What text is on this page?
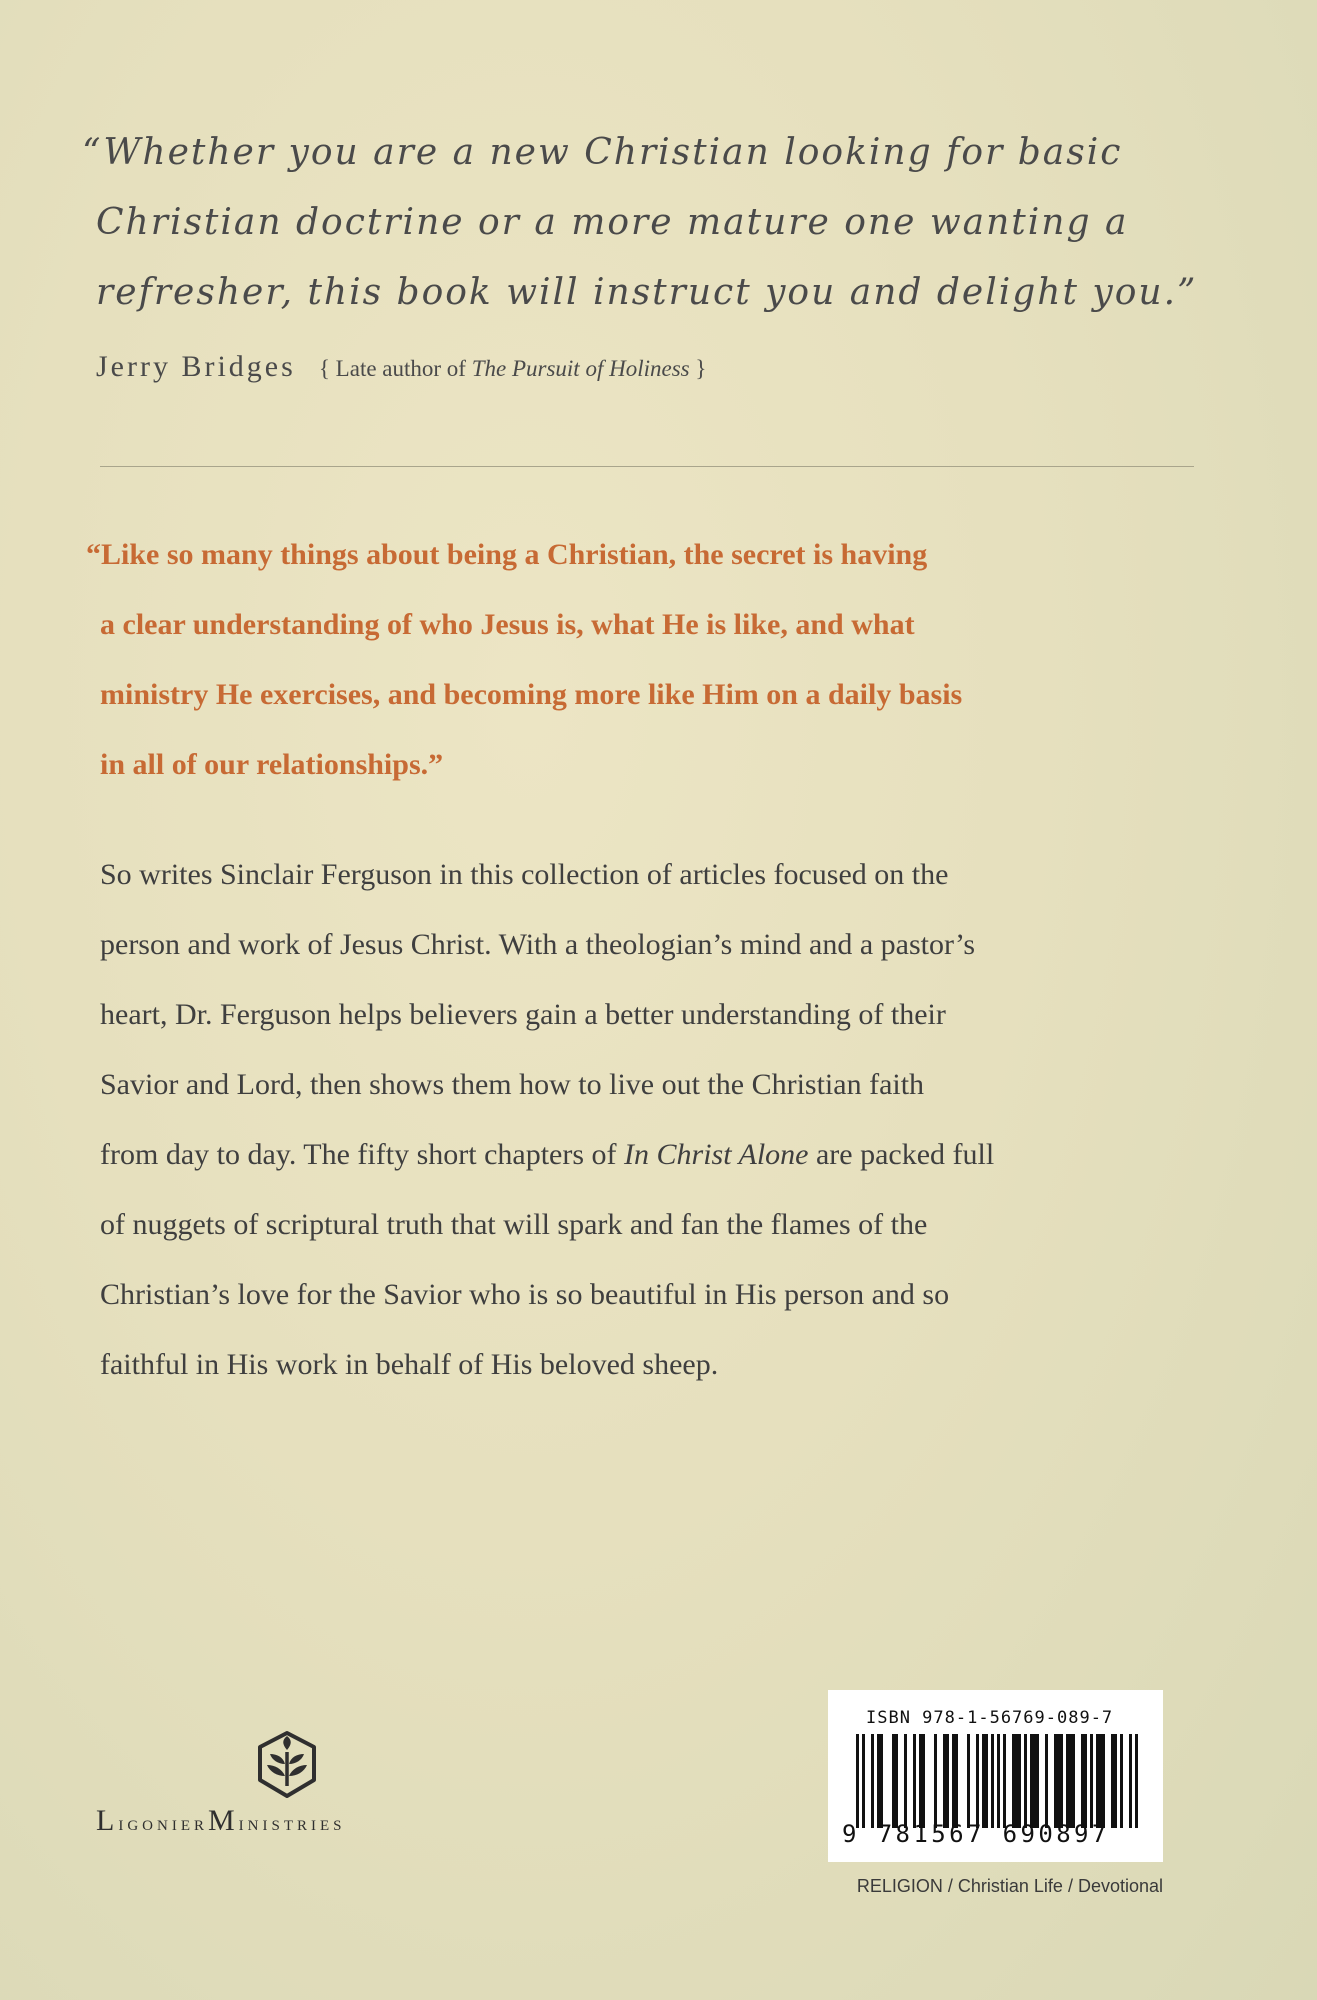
“Whether you are a new Christian looking for basic
Christian doctrine or a more mature one wanting a
refresher, this book will instruct you and delight you.”

Jerry Bridges { Late author of The Pursuit of Holiness }

“Like so many things about being a Christian, the secret is having
a clear understanding of who Jesus is, what He is like, and what
ministry He exercises, and becoming more like Him on a daily basis
in all of our relationships.”

So writes Sinclair Ferguson in this collection of articles focused on the
person and work of Jesus Christ. With a theologian’s mind and a pastor’s
heart, Dr. Ferguson helps believers gain a better understanding of their
Savior and Lord, then shows them how to live out the Christian faith
from day to day. The fifty short chapters of In Christ Alone are packed full
of nuggets of scriptural truth that will spark and fan the flames of the
Christian’s love for the Savior who is so beautiful in His person and so
faithful in His work in behalf of His beloved sheep.

LigonierMinistries
ISBN 978-1-56769-089-7
9 781567 690897
RELIGION / Christian Life / Devotional
